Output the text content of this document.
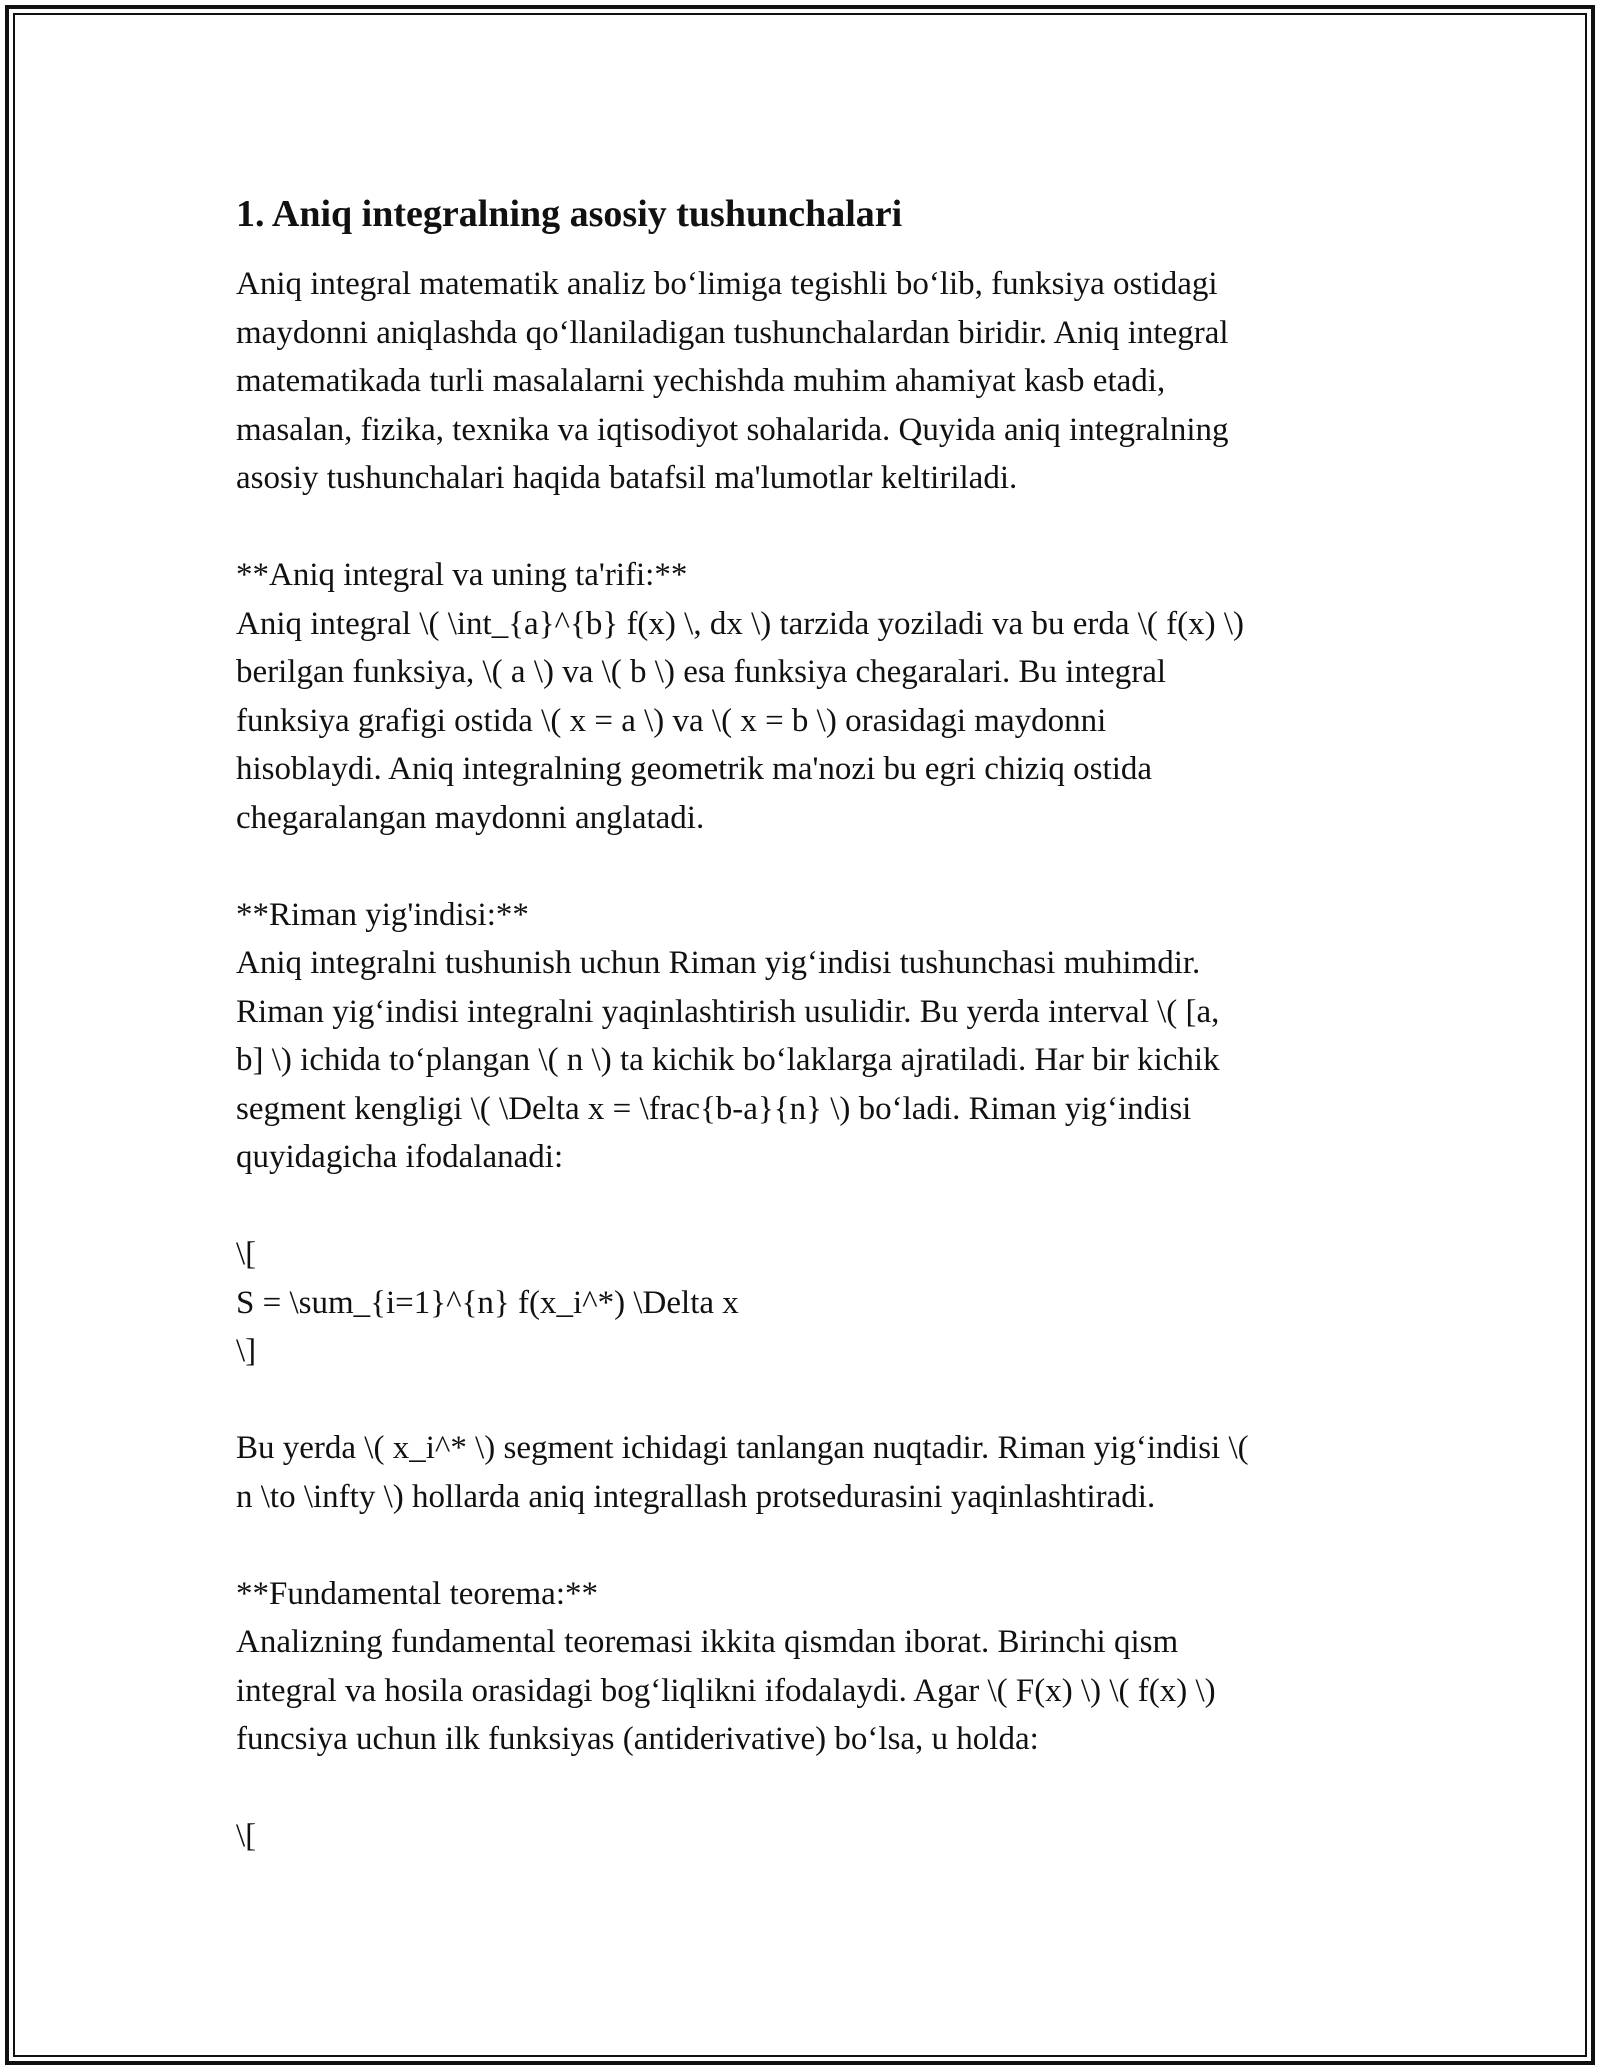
1. Aniq integralning asosiy tushunchalari
Aniq integral matematik analiz bo‘limiga tegishli bo‘lib, funksiya ostidagi
maydonni aniqlashda qo‘llaniladigan tushunchalardan biridir. Aniq integral
matematikada turli masalalarni yechishda muhim ahamiyat kasb etadi,
masalan, fizika, texnika va iqtisodiyot sohalarida. Quyida aniq integralning
asosiy tushunchalari haqida batafsil ma'lumotlar keltiriladi.
**Aniq integral va uning ta'rifi:**
Aniq integral \( \int_{a}^{b} f(x) \, dx \) tarzida yoziladi va bu erda \( f(x) \)
berilgan funksiya, \( a \) va \( b \) esa funksiya chegaralari. Bu integral
funksiya grafigi ostida \( x = a \) va \( x = b \) orasidagi maydonni
hisoblaydi. Aniq integralning geometrik ma'nozi bu egri chiziq ostida
chegaralangan maydonni anglatadi.
**Riman yig'indisi:**
Aniq integralni tushunish uchun Riman yig‘indisi tushunchasi muhimdir.
Riman yig‘indisi integralni yaqinlashtirish usulidir. Bu yerda interval \( [a,
b] \) ichida to‘plangan \( n \) ta kichik bo‘laklarga ajratiladi. Har bir kichik
segment kengligi \( \Delta x = \frac{b-a}{n} \) bo‘ladi. Riman yig‘indisi
quyidagicha ifodalanadi:
\[
S = \sum_{i=1}^{n} f(x_i^*) \Delta x
\]
Bu yerda \( x_i^* \) segment ichidagi tanlangan nuqtadir. Riman yig‘indisi \(
n \to \infty \) hollarda aniq integrallash protsedurasini yaqinlashtiradi.
**Fundamental teorema:**
Analizning fundamental teoremasi ikkita qismdan iborat. Birinchi qism
integral va hosila orasidagi bog‘liqlikni ifodalaydi. Agar \( F(x) \) \( f(x) \)
funcsiya uchun ilk funksiyas (antiderivative) bo‘lsa, u holda:
\[
